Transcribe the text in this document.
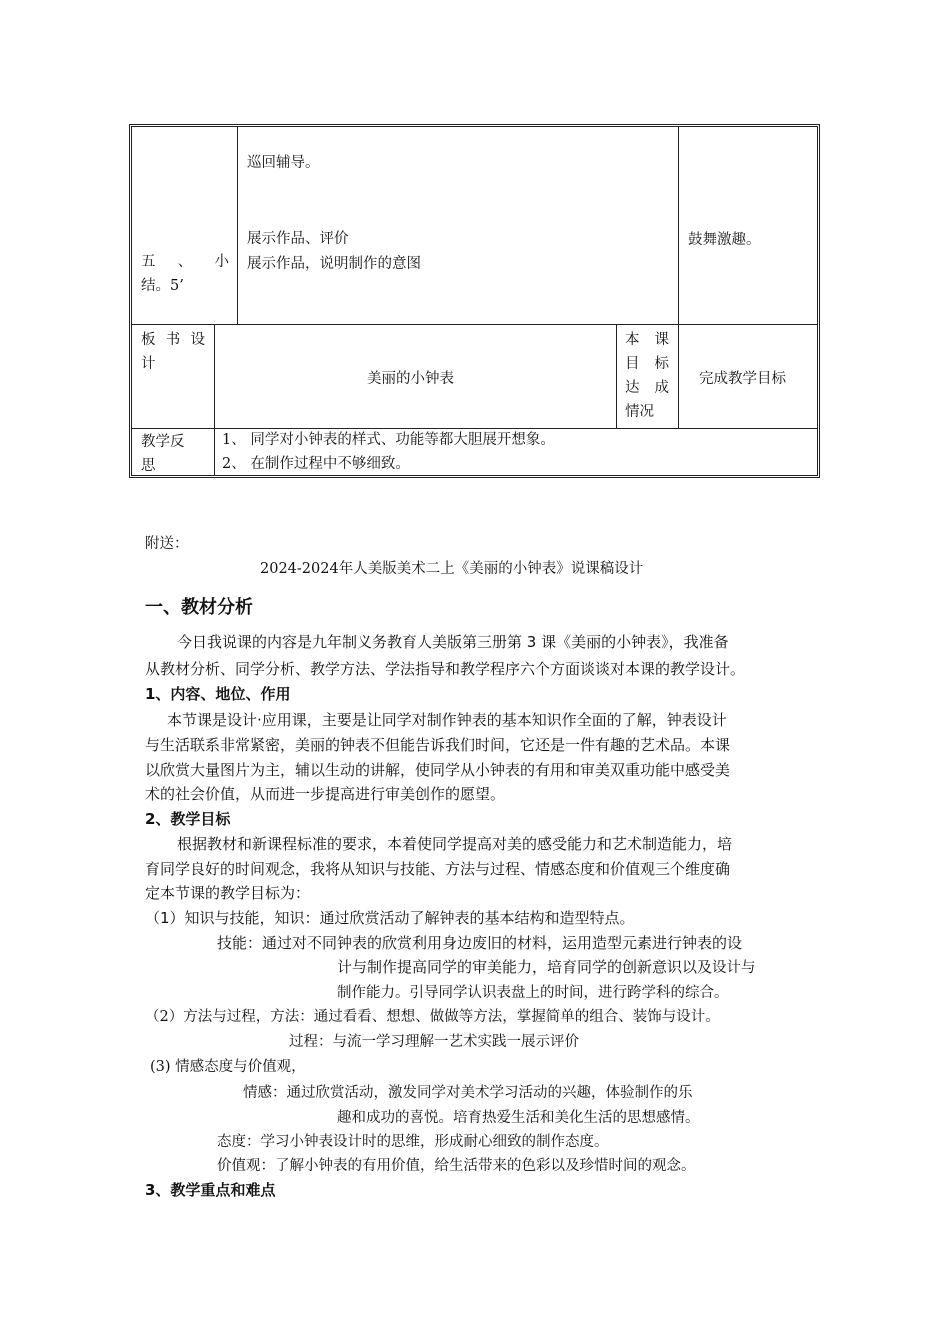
五 、 小
结。5’
巡回辅导。
展示作品、评价
展示作品，说明制作的意图
鼓舞激趣。
板 书 设
计
美丽的小钟表
本 课
目 标
达 成
情况
完成教学目标
教学反
思
1、 同学对小钟表的样式、功能等都大胆展开想象。
2、 在制作过程中不够细致。
附送：
2024-2024年人美版美术二上《美丽的小钟表》说课稿设计
一、教材分析
今日我说课的内容是九年制义务教育人美版第三册第 3 课《美丽的小钟表》，我准备
从教材分析、同学分析、教学方法、学法指导和教学程序六个方面谈谈对本课的教学设计。
1、内容、地位、作用
本节课是设计·应用课，主要是让同学对制作钟表的基本知识作全面的了解，钟表设计
与生活联系非常紧密，美丽的钟表不但能告诉我们时间，它还是一件有趣的艺术品。本课
以欣赏大量图片为主，辅以生动的讲解，使同学从小钟表的有用和审美双重功能中感受美
术的社会价值，从而进一步提高进行审美创作的愿望。
2、教学目标
根据教材和新课程标准的要求，本着使同学提高对美的感受能力和艺术制造能力，培
育同学良好的时间观念，我将从知识与技能、方法与过程、情感态度和价值观三个维度确
定本节课的教学目标为：
（1）知识与技能，知识：通过欣赏活动了解钟表的基本结构和造型特点。
技能：通过对不同钟表的欣赏利用身边废旧的材料，运用造型元素进行钟表的设
计与制作提高同学的审美能力，培育同学的创新意识以及设计与
制作能力。引导同学认识表盘上的时间，进行跨学科的综合。
（2）方法与过程，方法：通过看看、想想、做做等方法，掌握简单的组合、装饰与设计。
过程：与流一学习理解一艺术实践一展示评价
(3) 情感态度与价值观，
情感：通过欣赏活动，激发同学对美术学习活动的兴趣，体验制作的乐
趣和成功的喜悦。培育热爱生活和美化生活的思想感情。
态度：学习小钟表设计时的思维，形成耐心细致的制作态度。
价值观：了解小钟表的有用价值，给生活带来的色彩以及珍惜时间的观念。
3、教学重点和难点
